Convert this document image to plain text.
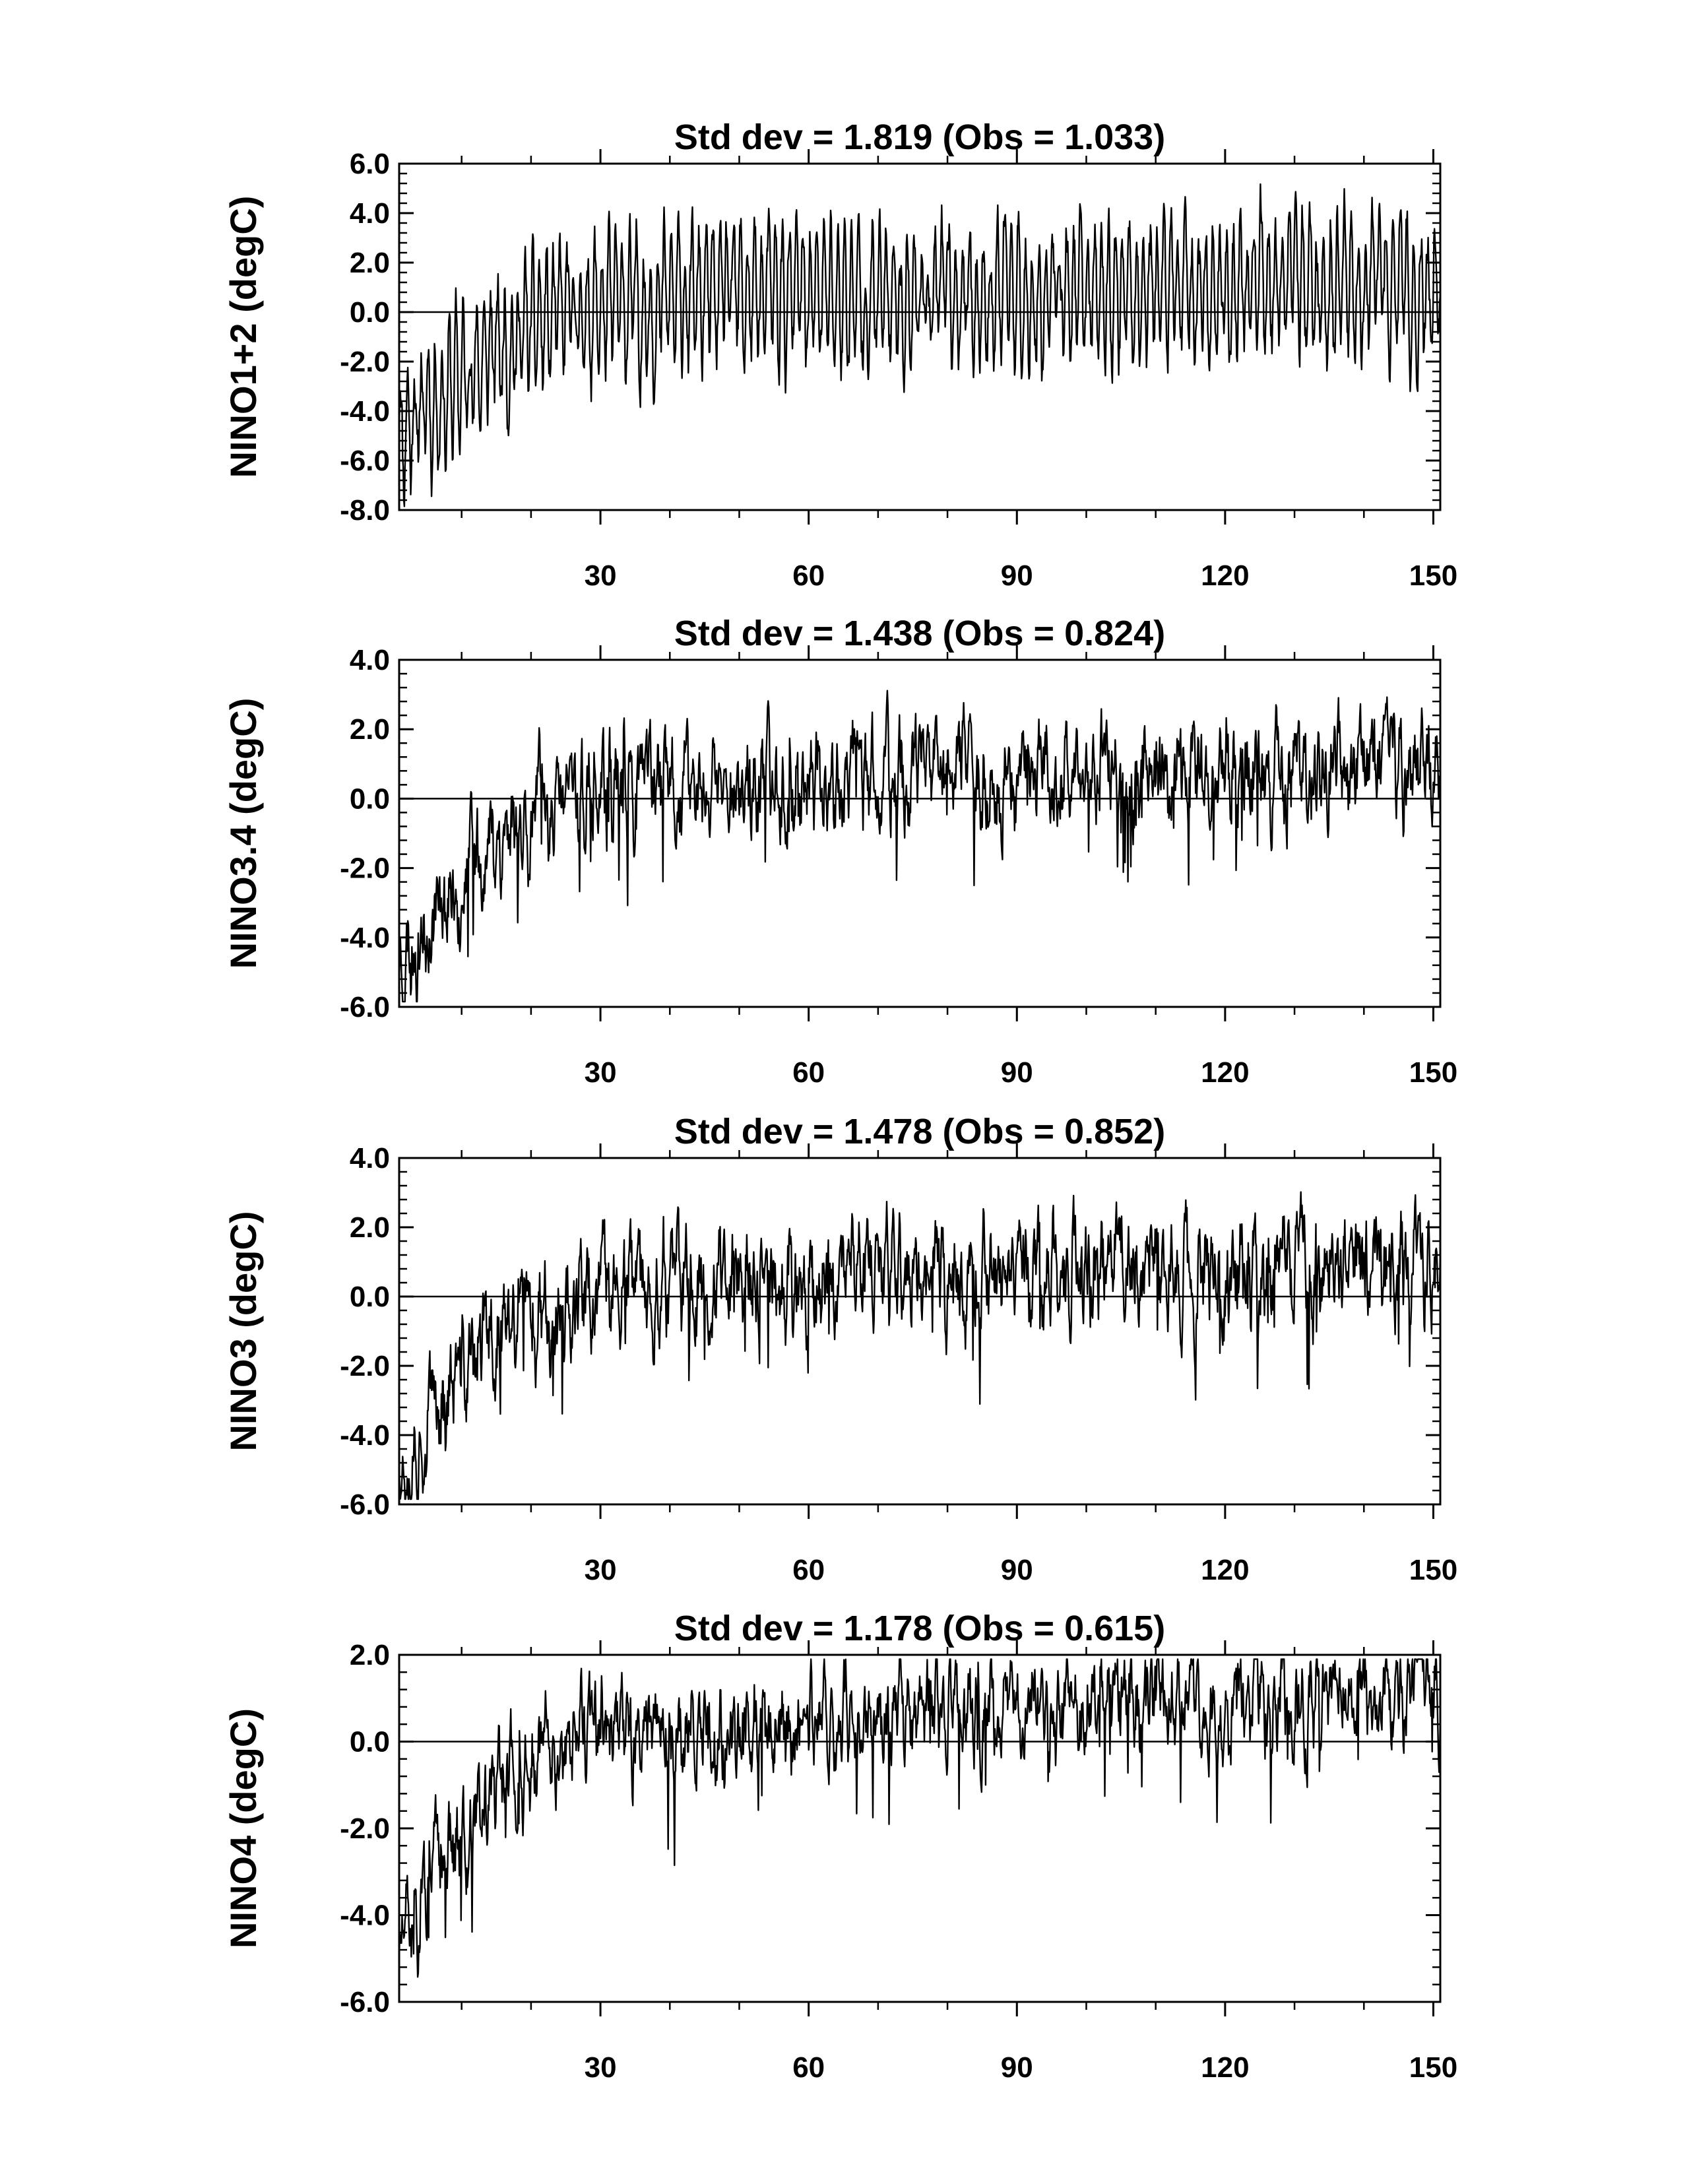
Std dev = 1.819 (Obs = 1.033)
NINO1+2 (degC)
6.0
4.0
2.0
0.0
-2.0
-4.0
-6.0
-8.0
30	60	90	120	150
Std dev = 1.438 (Obs = 0.824)
NINO3.4 (degC)
4.0
2.0
0.0
-2.0
-4.0
-6.0
30	60	90	120	150
Std dev = 1.478 (Obs = 0.852)
NINO3 (degC)
4.0
2.0
0.0
-2.0
-4.0
-6.0
30	60	90	120	150
Std dev = 1.178 (Obs = 0.615)
NINO4 (degC)
2.0
0.0
-2.0
-4.0
-6.0
30	60	90	120	150
